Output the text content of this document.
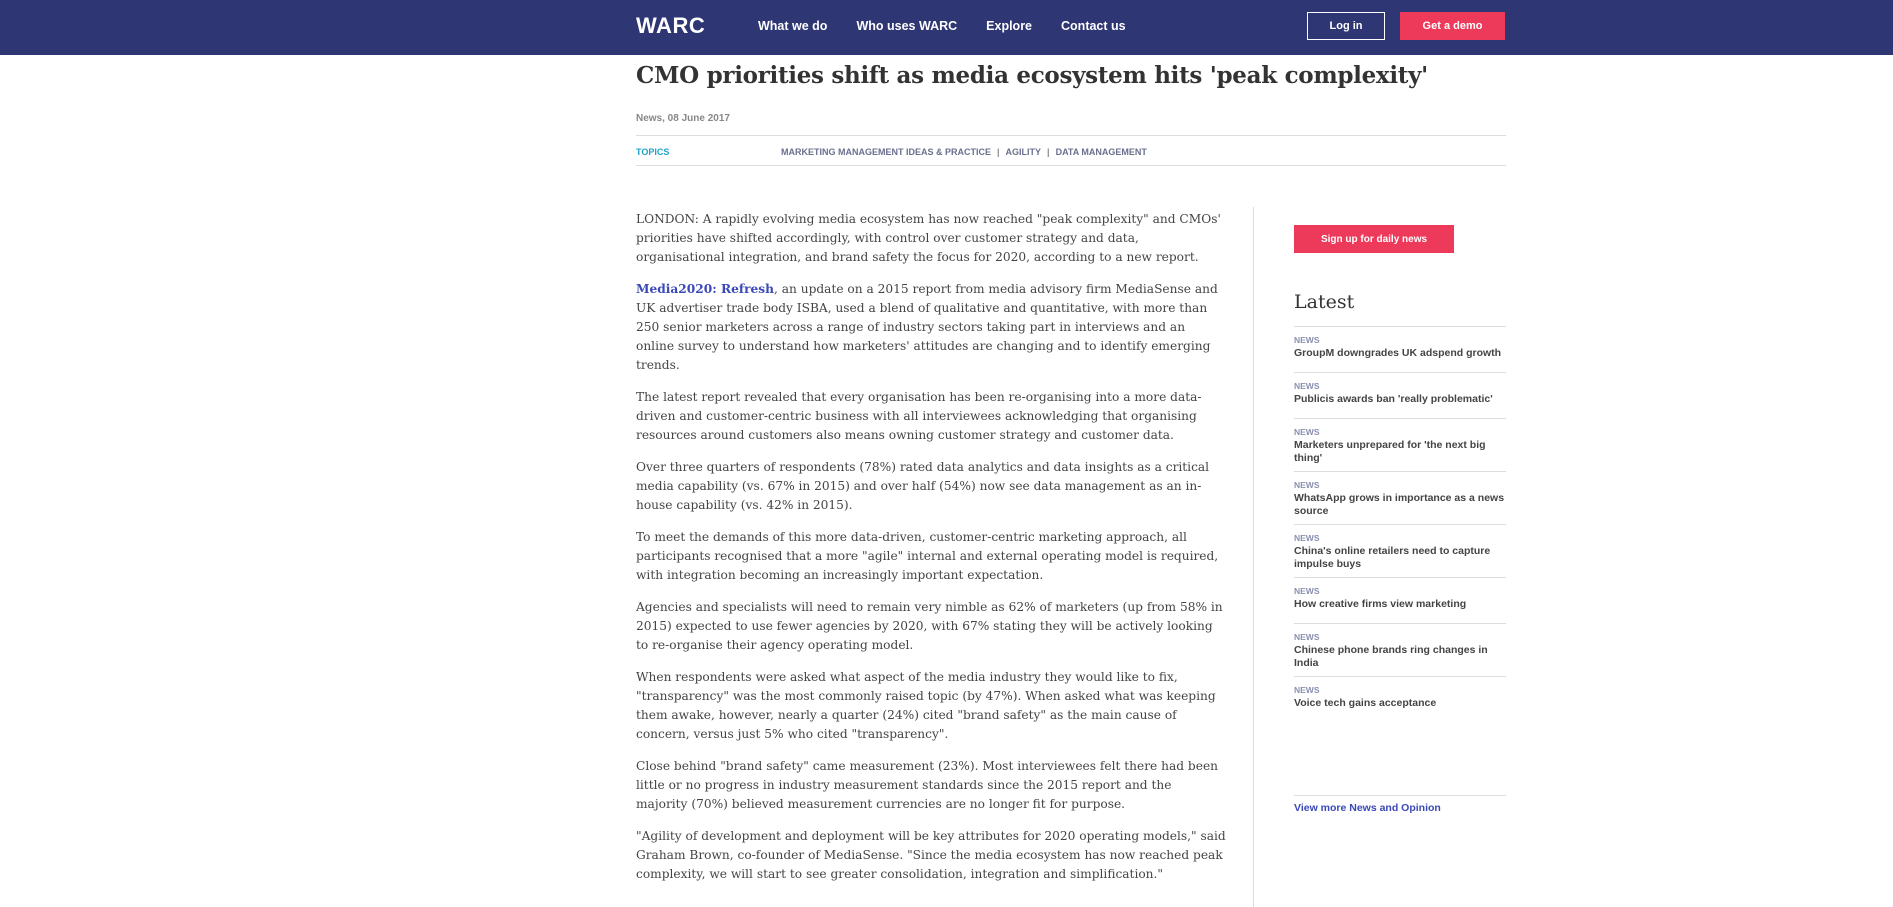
WARC	What we do Who uses WARC Explore Contact us	Log in	Get a demo
CMO priorities shift as media ecosystem hits 'peak complexity'
News, 08 June 2017
TOPICS	MARKETING MANAGEMENT IDEAS & PRACTICE | AGILITY | DATA MANAGEMENT

LONDON: A rapidly evolving media ecosystem has now reached "peak complexity" and CMOs' priorities have shifted accordingly, with control over customer strategy and data, organisational integration, and brand safety the focus for 2020, according to a new report.

Media2020: Refresh, an update on a 2015 report from media advisory firm MediaSense and UK advertiser trade body ISBA, used a blend of qualitative and quantitative, with more than 250 senior marketers across a range of industry sectors taking part in interviews and an online survey to understand how marketers' attitudes are changing and to identify emerging trends.

The latest report revealed that every organisation has been re-organising into a more data-driven and customer-centric business with all interviewees acknowledging that organising resources around customers also means owning customer strategy and customer data.

Over three quarters of respondents (78%) rated data analytics and data insights as a critical media capability (vs. 67% in 2015) and over half (54%) now see data management as an in-house capability (vs. 42% in 2015).

To meet the demands of this more data-driven, customer-centric marketing approach, all participants recognised that a more "agile" internal and external operating model is required, with integration becoming an increasingly important expectation.

Agencies and specialists will need to remain very nimble as 62% of marketers (up from 58% in 2015) expected to use fewer agencies by 2020, with 67% stating they will be actively looking to re-organise their agency operating model.

When respondents were asked what aspect of the media industry they would like to fix, "transparency" was the most commonly raised topic (by 47%). When asked what was keeping them awake, however, nearly a quarter (24%) cited "brand safety" as the main cause of concern, versus just 5% who cited "transparency".

Close behind "brand safety" came measurement (23%). Most interviewees felt there had been little or no progress in industry measurement standards since the 2015 report and the majority (70%) believed measurement currencies are no longer fit for purpose.

"Agility of development and deployment will be key attributes for 2020 operating models," said Graham Brown, co-founder of MediaSense. "Since the media ecosystem has now reached peak complexity, we will start to see greater consolidation, integration and simplification."

Sign up for daily news
Latest
NEWS
GroupM downgrades UK adspend growth
NEWS
Publicis awards ban 'really problematic'
NEWS
Marketers unprepared for 'the next big thing'
NEWS
WhatsApp grows in importance as a news source
NEWS
China's online retailers need to capture impulse buys
NEWS
How creative firms view marketing
NEWS
Chinese phone brands ring changes in India
NEWS
Voice tech gains acceptance
View more News and Opinion
